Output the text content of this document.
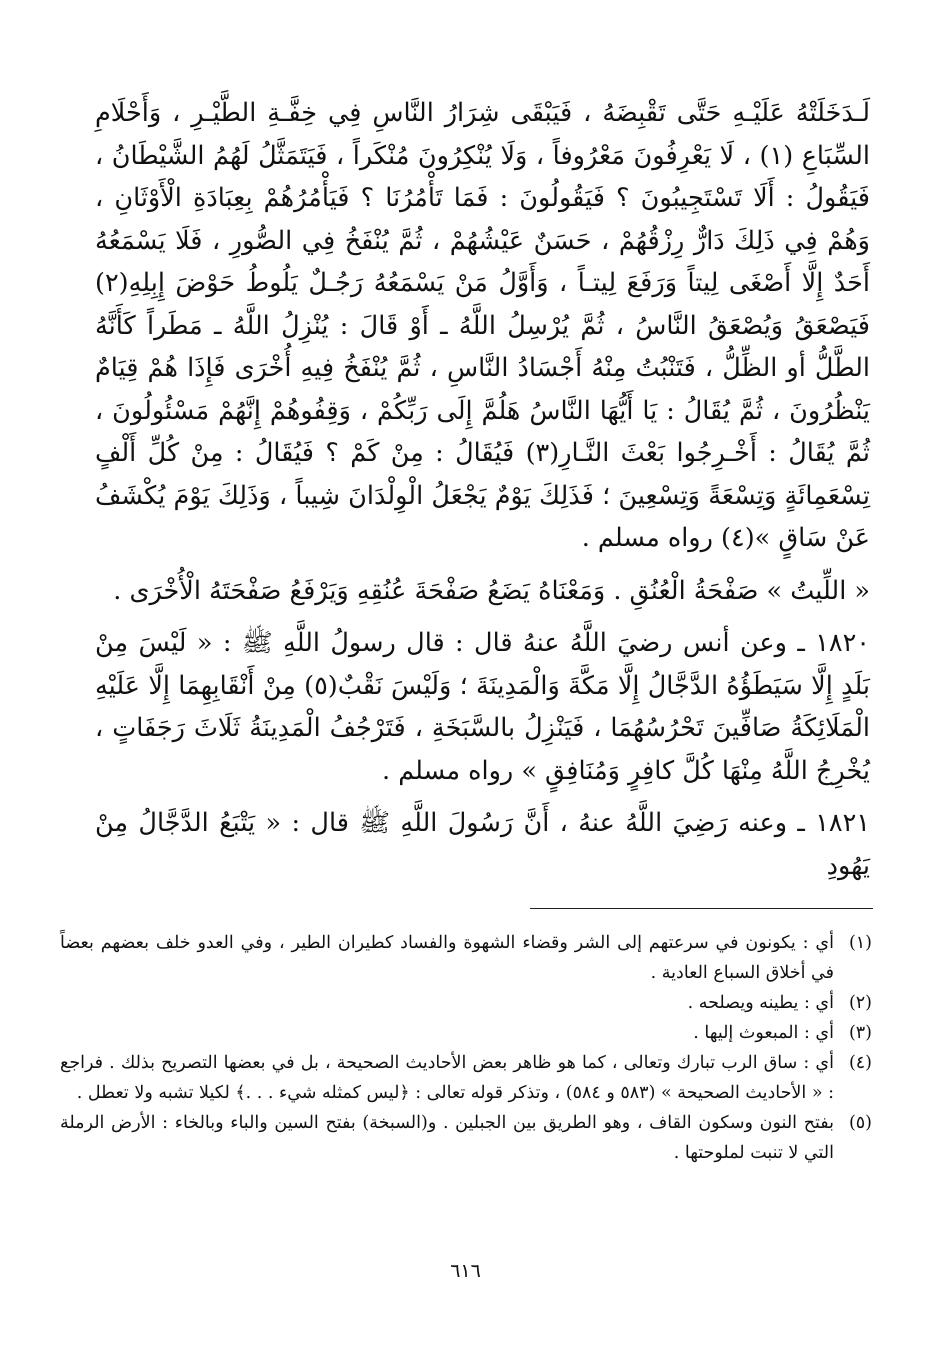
لَـدَخَلَتْهُ عَلَيْـهِ حَتَّى تَقْبِضَهُ ، فَيَبْقَى شِرَارُ النَّاسِ فِي خِفَّـةِ الطَّيْـرِ ، وَأَحْلَامِ السِّبَاعِ (١) ، لَا يَعْرِفُونَ مَعْرُوفاً ، وَلَا يُنْكِرُونَ مُنْكَراً ، فَيَتَمَثَّلُ لَهُمُ الشَّيْطَانُ ، فَيَقُولُ : أَلَا تَسْتَجِيبُونَ ؟ فَيَقُولُونَ : فَمَا تَأْمُرُنَا ؟ فَيَأْمُرُهُمْ بِعِبَادَةِ الْأَوْثَانِ ، وَهُمْ فِي ذَلِكَ دَارٌّ رِزْقُهُمْ ، حَسَنٌ عَيْشُهُمْ ، ثُمَّ يُنْفَخُ فِي الصُّورِ ، فَلَا يَسْمَعُهُ أَحَدٌ إِلَّا أَصْغَى لِيتاً وَرَفَعَ لِيتـاً ، وَأَوَّلُ مَنْ يَسْمَعُهُ رَجُـلٌ يَلُوطُ حَوْضَ إِبِلِهِ(٢) فَيَصْعَقُ وَيُصْعَقُ النَّاسُ ، ثُمَّ يُرْسِلُ اللَّهُ ـ أَوْ قَالَ : يُنْزِلُ اللَّهُ ـ مَطَراً كَأَنَّهُ الطَّلُّ أو الظِّلُّ ، فَتَنْبُتُ مِنْهُ أَجْسَادُ النَّاسِ ، ثُمَّ يُنْفَخُ فِيهِ أُخْرَى فَإِذَا هُمْ قِيَامٌ يَنْظُرُونَ ، ثُمَّ يُقَالُ : يَا أَيُّهَا النَّاسُ هَلُمَّ إِلَى رَبِّكُمْ ، وَقِفُوهُمْ إِنَّهُمْ مَسْئُولُونَ ، ثُمَّ يُقَالُ : أَخْـرِجُوا بَعْثَ النَّـارِ(٣) فَيُقَالُ : مِنْ كَمْ ؟ فَيُقَالُ : مِنْ كُلِّ أَلْفٍ تِسْعَمِائَةٍ وَتِسْعَةً وَتِسْعِينَ ؛ فَذَلِكَ يَوْمٌ يَجْعَلُ الْوِلْدَانَ شِيباً ، وَذَلِكَ يَوْمَ يُكْشَفُ عَنْ سَاقٍ »(٤) رواه مسلم .

« اللِّيتُ » صَفْحَةُ الْعُنُقِ . وَمَعْنَاهُ يَضَعُ صَفْحَةَ عُنُقِهِ وَيَرْفَعُ صَفْحَتَهُ الْأُخْرَى .

١٨٢٠ ـ وعن أنس رضيَ اللَّهُ عنهُ قال : قال رسولُ اللَّهِ ﷺ : « لَيْسَ مِنْ بَلَدٍ إِلَّا سَيَطَؤُهُ الدَّجَّالُ إِلَّا مَكَّةَ وَالْمَدِينَةَ ؛ وَلَيْسَ نَقْبٌ(٥) مِنْ أَنْقَابِهِمَا إِلَّا عَلَيْهِ الْمَلَائِكَةُ صَافِّينَ تَحْرُسُهُمَا ، فَيَنْزِلُ بالسَّبَخَةِ ، فَتَرْجُفُ الْمَدِينَةُ ثَلَاثَ رَجَفَاتٍ ، يُخْرِجُ اللَّهُ مِنْهَا كُلَّ كافِرٍ وَمُنَافِقٍ » رواه مسلم .

١٨٢١ ـ وعنه رَضِيَ اللَّهُ عنهُ ، أَنَّ رَسُولَ اللَّهِ ﷺ قال : « يَتْبَعُ الدَّجَّالُ مِنْ يَهُودِ

(١)
أي : يكونون في سرعتهم إلى الشر وقضاء الشهوة والفساد كطيران الطير ، وفي العدو خلف بعضهم بعضاً في أخلاق السباع العادية .
(٢)
أي : يطينه ويصلحه .
(٣)
أي : المبعوث إليها .
(٤)
أي : ساق الرب تبارك وتعالى ، كما هو ظاهر بعض الأحاديث الصحيحة ، بل في بعضها التصريح بذلك . فراجع : « الأحاديث الصحيحة » (٥٨٣ و ٥٨٤) ، وتذكر قوله تعالى : ﴿ليس كمثله شيء . . .﴾ لكيلا تشبه ولا تعطل .
(٥)
بفتح النون وسكون القاف ، وهو الطريق بين الجبلين . و(السبخة) بفتح السين والباء وبالخاء : الأرض الرملة التي لا تنبت لملوحتها .
٦١٦
